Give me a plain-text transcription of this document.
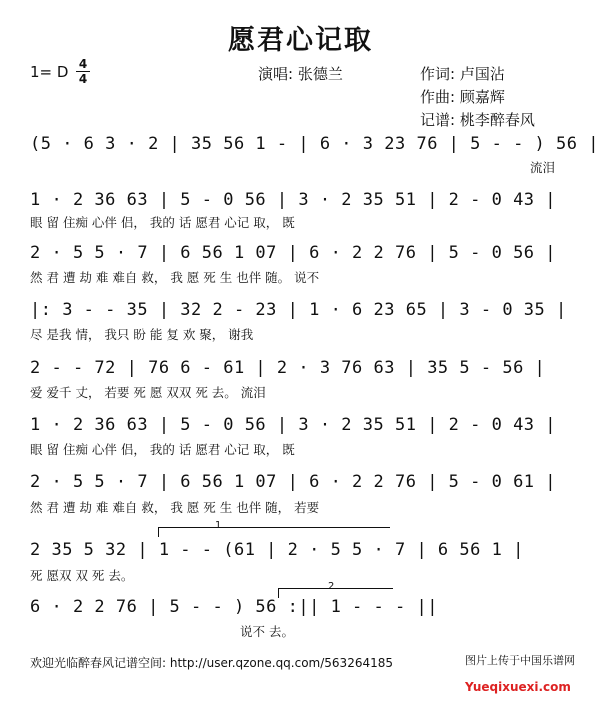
愿君心记取
1= D 4
4	演唱: 张德兰	作词: 卢国沾
作曲: 顾嘉辉
记谱: 桃李醉春风
(5 · 6 3 · 2 | 35 56 1 - | 6 · 3 23 76 | 5 - - ) 56 |
流泪
1 · 2 36 63 | 5 - 0 56 | 3 · 2 35 51 | 2 - 0 43 |
眼 留 住痴 心伴 侣， 我的 话 愿君 心记 取， 既
2 · 5 5 · 7 | 6 56 1 07 | 6 · 2 2 76 | 5 - 0 56 |
然 君 遭 劫 难 难自 救， 我 愿 死 生 也伴 随。 说不
|: 3 - - 35 | 32 2 - 23 | 1 · 6 23 65 | 3 - 0 35 |
尽 是我 情， 我只 盼 能 复 欢 聚， 谢我
2 - - 72 | 76 6 - 61 | 2 · 3 76 63 | 35 5 - 56 |
爱 爱千 丈， 若要 死 愿 双双 死 去。 流泪
1 · 2 36 63 | 5 - 0 56 | 3 · 2 35 51 | 2 - 0 43 |
眼 留 住痴 心伴 侣， 我的 话 愿君 心记 取， 既
2 · 5 5 · 7 | 6 56 1 07 | 6 · 2 2 76 | 5 - 0 61 |
然 君 遭 劫 难 难自 救， 我 愿 死 生 也伴 随， 若要
1
2 35 5 32 | 1 - - (61 | 2 · 5 5 · 7 | 6 56 1 |
死 愿双 双 死 去。
2
6 · 2 2 76 | 5 - - ) 56 :|| 1 - - - ||
说不 去。
欢迎光临醉春风记谱空间: http://user.qzone.qq.com/563264185

Yueqixuexi.com

图片上传于中国乐谱网
